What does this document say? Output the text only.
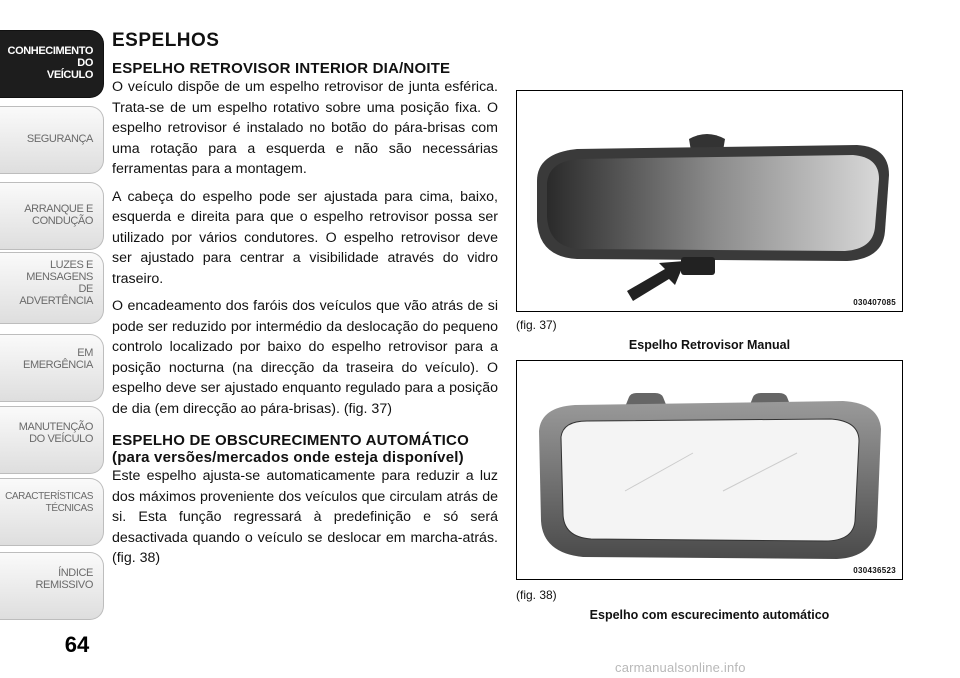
CONHECIMENTO
DO
VEÍCULO
SEGURANÇA
ARRANQUE E
CONDUÇÃO
LUZES E
MENSAGENS
DE
ADVERTÊNCIA
EM
EMERGÊNCIA
MANUTENÇÃO
DO VEÍCULO
CARACTERÍSTICAS
TÉCNICAS
ÍNDICE
REMISSIVO
64
ESPELHOS
ESPELHO RETROVISOR INTERIOR DIA/NOITE

O veículo dispõe de um espelho retrovisor de junta esférica. Trata-se de um espelho rotativo sobre uma posição fixa. O espelho retrovisor é instalado no botão do pára-brisas com uma rotação para a esquerda e não são necessárias ferramentas para a montagem.

A cabeça do espelho pode ser ajustada para cima, baixo, esquerda e direita para que o espelho retrovisor possa ser utilizado por vários condutores. O espelho retrovisor deve ser ajustado para centrar a visibilidade através do vidro traseiro.

O encadeamento dos faróis dos veículos que vão atrás de si pode ser reduzido por intermédio da deslocação do pequeno controlo localizado por baixo do espelho retrovisor para a posição nocturna (na direcção da traseira do veículo). O espelho deve ser ajustado enquanto regulado para a posição de dia (em direcção ao pára-brisas). (fig. 37)

ESPELHO DE OBSCURECIMENTO AUTOMÁTICO (para versões/mercados onde esteja disponível)

Este espelho ajusta-se automaticamente para reduzir a luz dos máximos proveniente dos veículos que circulam atrás de si. Esta função regressará à predefinição e só será desactivada quando o veículo se deslocar em marcha-atrás. (fig. 38)

030407085
(fig. 37)
Espelho Retrovisor Manual
030436523
(fig. 38)
Espelho com escurecimento automático
carmanualsonline.info
